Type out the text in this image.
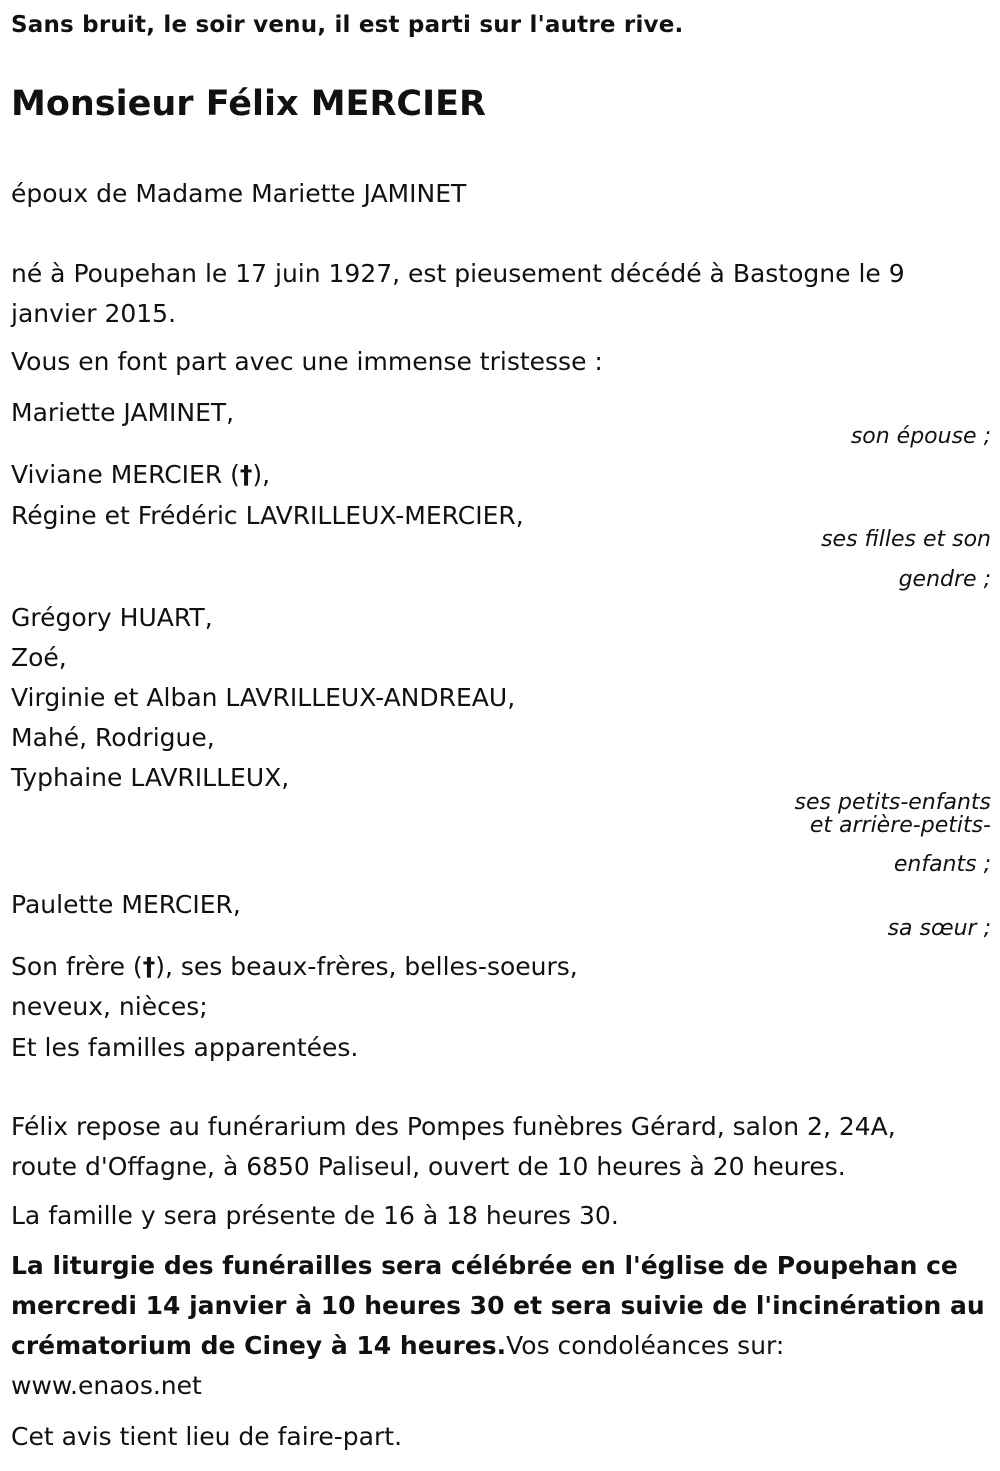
Sans bruit, le soir venu, il est parti sur l'autre rive.
Monsieur Félix MERCIER
époux de Madame Mariette JAMINET
né à Poupehan le 17 juin 1927, est pieusement décédé à Bastogne le 9
janvier 2015.
Vous en font part avec une immense tristesse :
Mariette JAMINET,
son épouse ;
Viviane MERCIER (†),
Régine et Frédéric LAVRILLEUX-MERCIER,
ses filles et son
gendre ;
Grégory HUART,
Zoé,
Virginie et Alban LAVRILLEUX-ANDREAU,
Mahé, Rodrigue,
Typhaine LAVRILLEUX,
ses petits-enfants
et arrière-petits-
enfants ;
Paulette MERCIER,
sa sœur ;
Son frère (†), ses beaux-frères, belles-soeurs,
neveux, nièces;
Et les familles apparentées.
Félix repose au funérarium des Pompes funèbres Gérard, salon 2, 24A,
route d'Offagne, à 6850 Paliseul, ouvert de 10 heures à 20 heures.
La famille y sera présente de 16 à 18 heures 30.
La liturgie des funérailles sera célébrée en l'église de Poupehan ce
mercredi 14 janvier à 10 heures 30 et sera suivie de l'incinération au
crématorium de Ciney à 14 heures.Vos condoléances sur:
www.enaos.net
Cet avis tient lieu de faire-part.
